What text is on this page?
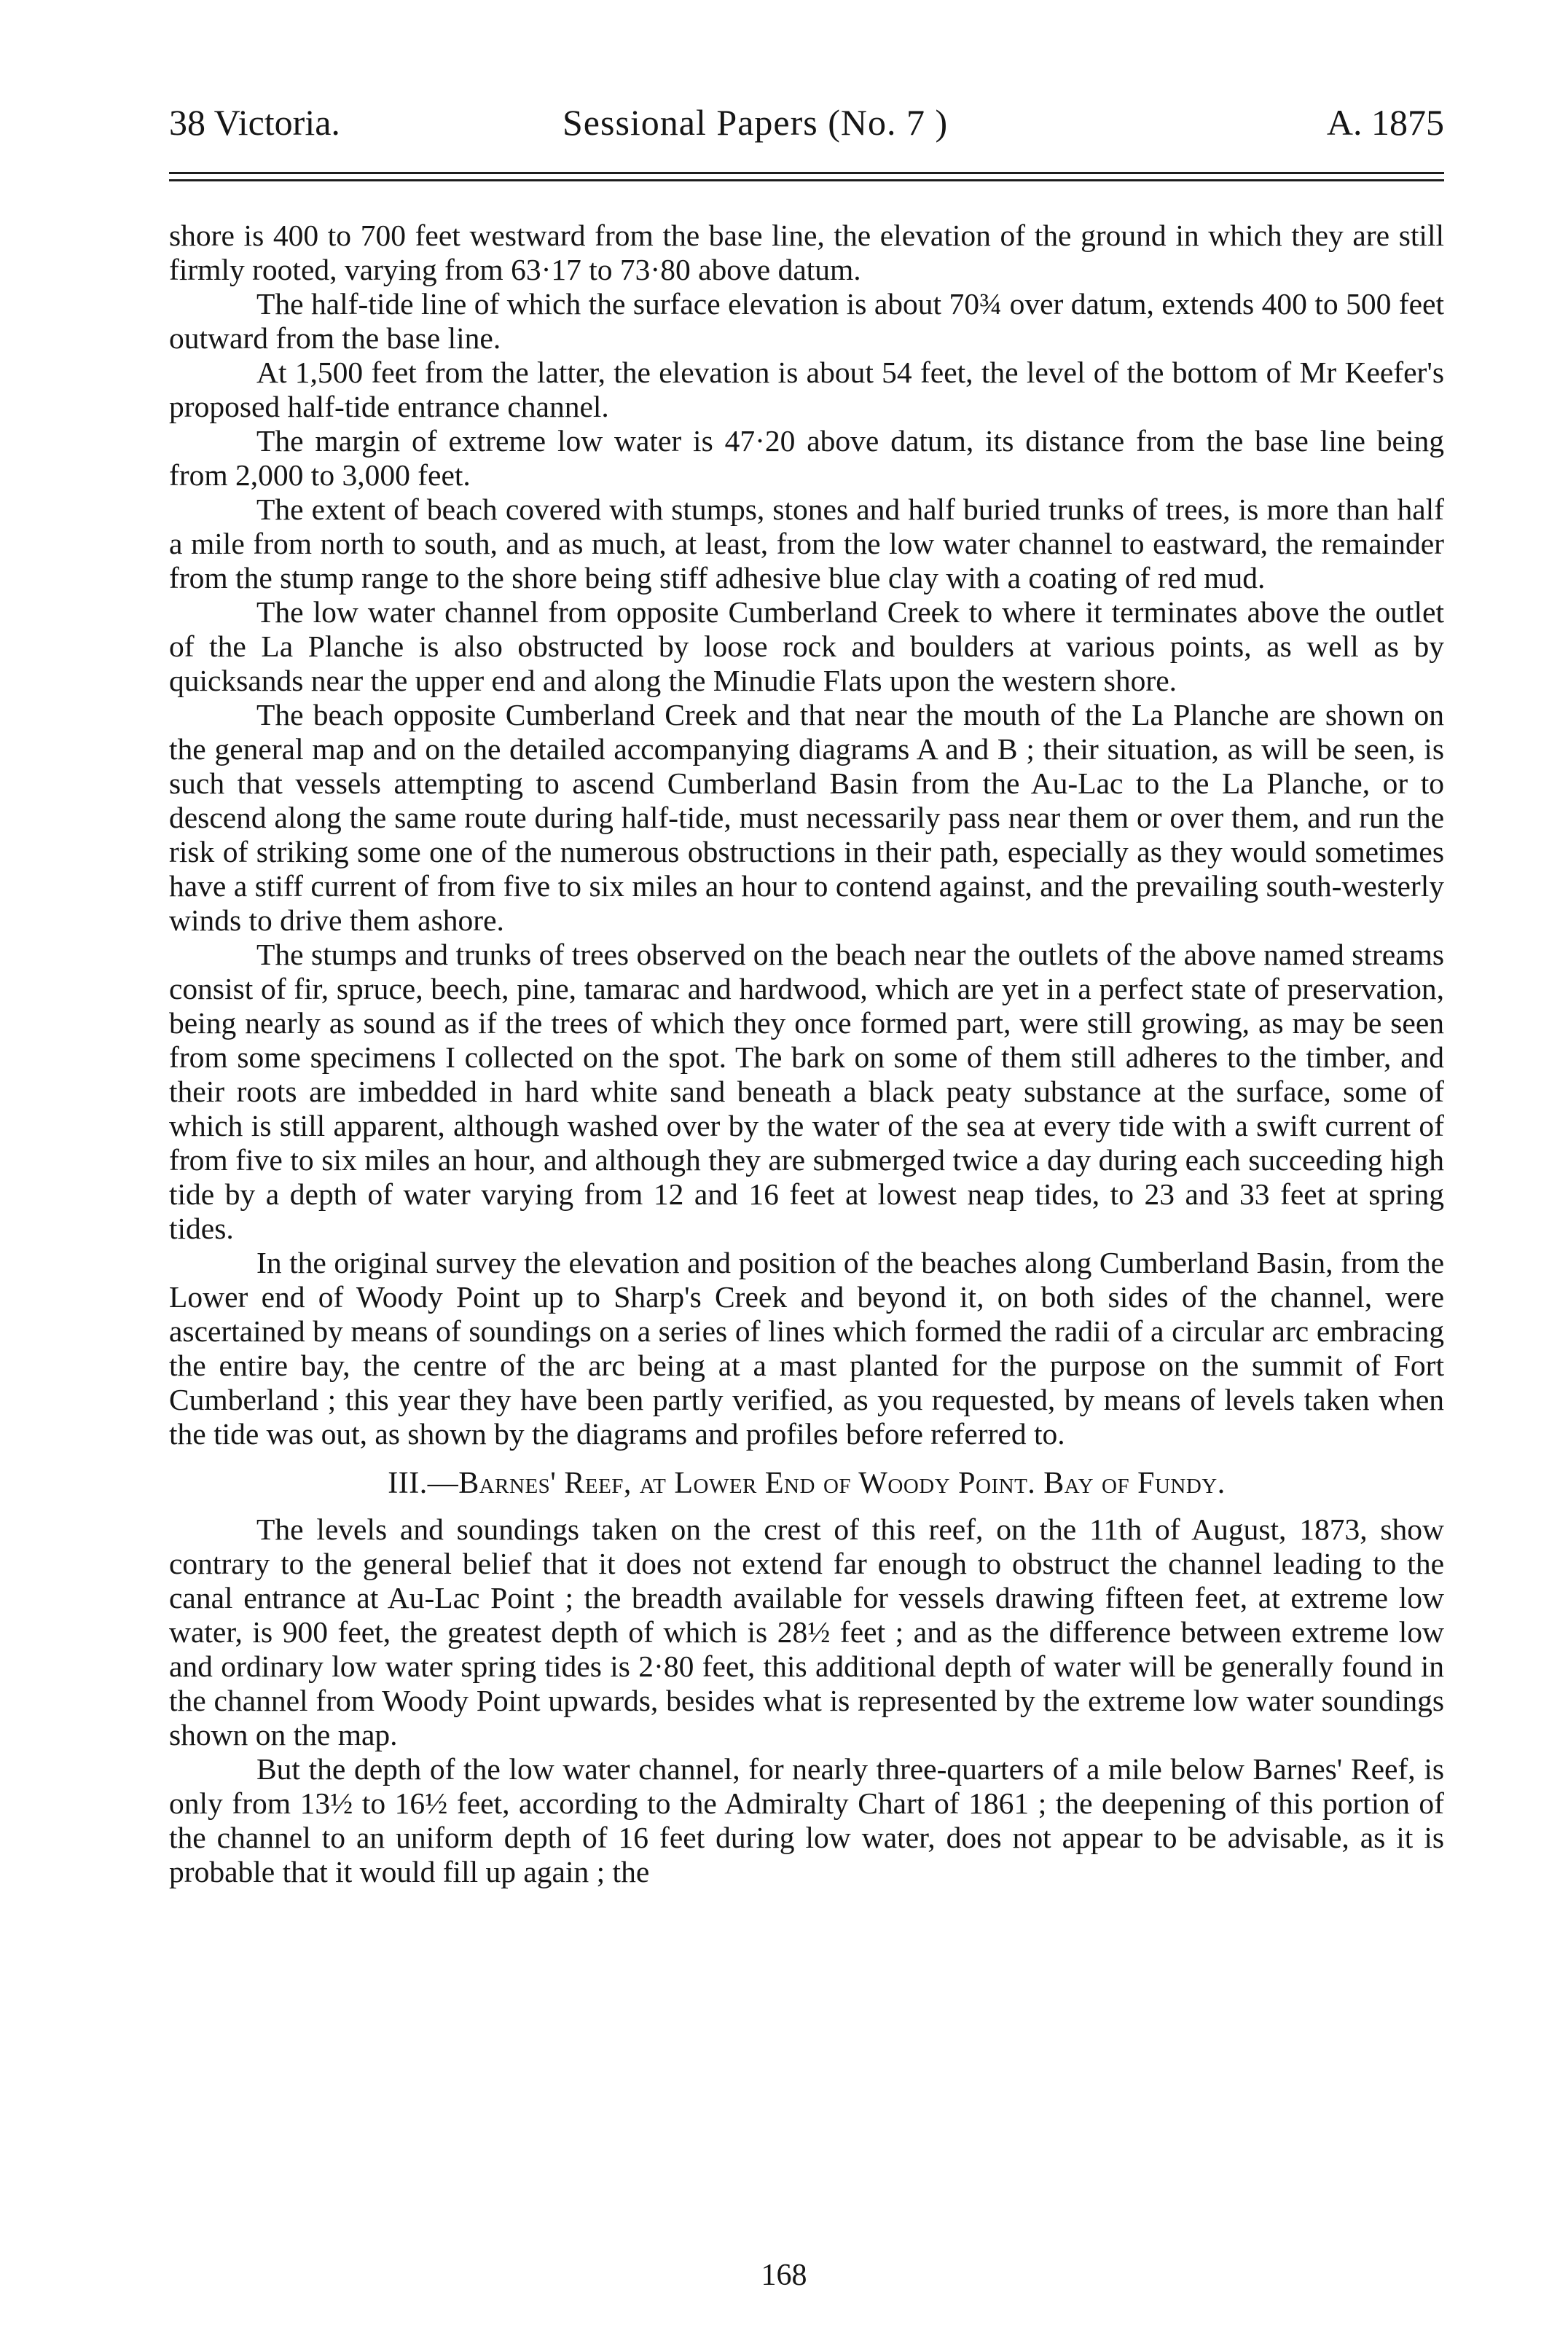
38 Victoria.	Sessional Papers (No. 7 )	A. 1875

shore is 400 to 700 feet westward from the base line, the elevation of the ground in which they are still firmly rooted, varying from 63·17 to 73·80 above datum.

The half-tide line of which the surface elevation is about 70¾ over datum, extends 400 to 500 feet outward from the base line.

At 1,500 feet from the latter, the elevation is about 54 feet, the level of the bottom of Mr Keefer's proposed half-tide entrance channel.

The margin of extreme low water is 47·20 above datum, its distance from the base line being from 2,000 to 3,000 feet.

The extent of beach covered with stumps, stones and half buried trunks of trees, is more than half a mile from north to south, and as much, at least, from the low water channel to eastward, the remainder from the stump range to the shore being stiff adhesive blue clay with a coating of red mud.

The low water channel from opposite Cumberland Creek to where it terminates above the outlet of the La Planche is also obstructed by loose rock and boulders at various points, as well as by quicksands near the upper end and along the Minudie Flats upon the western shore.

The beach opposite Cumberland Creek and that near the mouth of the La Planche are shown on the general map and on the detailed accompanying diagrams A and B ; their situation, as will be seen, is such that vessels attempting to ascend Cumberland Basin from the Au-Lac to the La Planche, or to descend along the same route during half-tide, must necessarily pass near them or over them, and run the risk of striking some one of the numerous obstructions in their path, especially as they would sometimes have a stiff current of from five to six miles an hour to contend against, and the prevailing south-westerly winds to drive them ashore.

The stumps and trunks of trees observed on the beach near the outlets of the above named streams consist of fir, spruce, beech, pine, tamarac and hardwood, which are yet in a perfect state of preservation, being nearly as sound as if the trees of which they once formed part, were still growing, as may be seen from some specimens I collected on the spot. The bark on some of them still adheres to the timber, and their roots are imbedded in hard white sand beneath a black peaty substance at the surface, some of which is still apparent, although washed over by the water of the sea at every tide with a swift current of from five to six miles an hour, and although they are submerged twice a day during each succeeding high tide by a depth of water varying from 12 and 16 feet at lowest neap tides, to 23 and 33 feet at spring tides.

In the original survey the elevation and position of the beaches along Cumberland Basin, from the Lower end of Woody Point up to Sharp's Creek and beyond it, on both sides of the channel, were ascertained by means of soundings on a series of lines which formed the radii of a circular arc embracing the entire bay, the centre of the arc being at a mast planted for the purpose on the summit of Fort Cumberland ; this year they have been partly verified, as you requested, by means of levels taken when the tide was out, as shown by the diagrams and profiles before referred to.

III.—Barnes' Reef, at Lower End of Woody Point. Bay of Fundy.

The levels and soundings taken on the crest of this reef, on the 11th of August, 1873, show contrary to the general belief that it does not extend far enough to obstruct the channel leading to the canal entrance at Au-Lac Point ; the breadth available for vessels drawing fifteen feet, at extreme low water, is 900 feet, the greatest depth of which is 28½ feet ; and as the difference between extreme low and ordinary low water spring tides is 2·80 feet, this additional depth of water will be generally found in the channel from Woody Point upwards, besides what is represented by the extreme low water soundings shown on the map.

But the depth of the low water channel, for nearly three-quarters of a mile below Barnes' Reef, is only from 13½ to 16½ feet, according to the Admiralty Chart of 1861 ; the deepening of this portion of the channel to an uniform depth of 16 feet during low water, does not appear to be advisable, as it is probable that it would fill up again ; the

168
